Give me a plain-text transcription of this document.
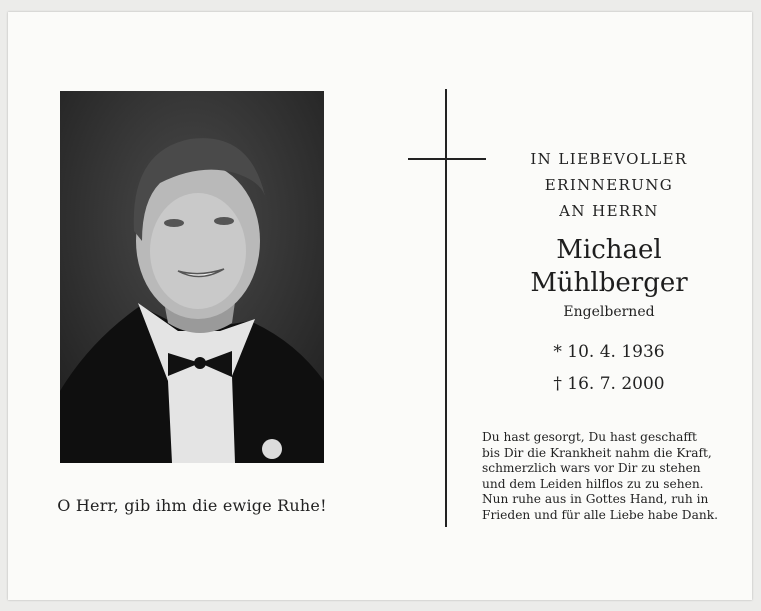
O Herr, gib ihm die ewige Ruhe!
IN LIEBEVOLLER
ERINNERUNG
AN HERRN
Michael
Mühlberger
Engelberned
* 10. 4. 1936
† 16. 7. 2000
Du hast gesorgt, Du hast geschafft
bis Dir die Krankheit nahm die Kraft,
schmerzlich wars vor Dir zu stehen
und dem Leiden hilflos zu zu sehen.
Nun ruhe aus in Gottes Hand, ruh in
Frieden und für alle Liebe habe Dank.
